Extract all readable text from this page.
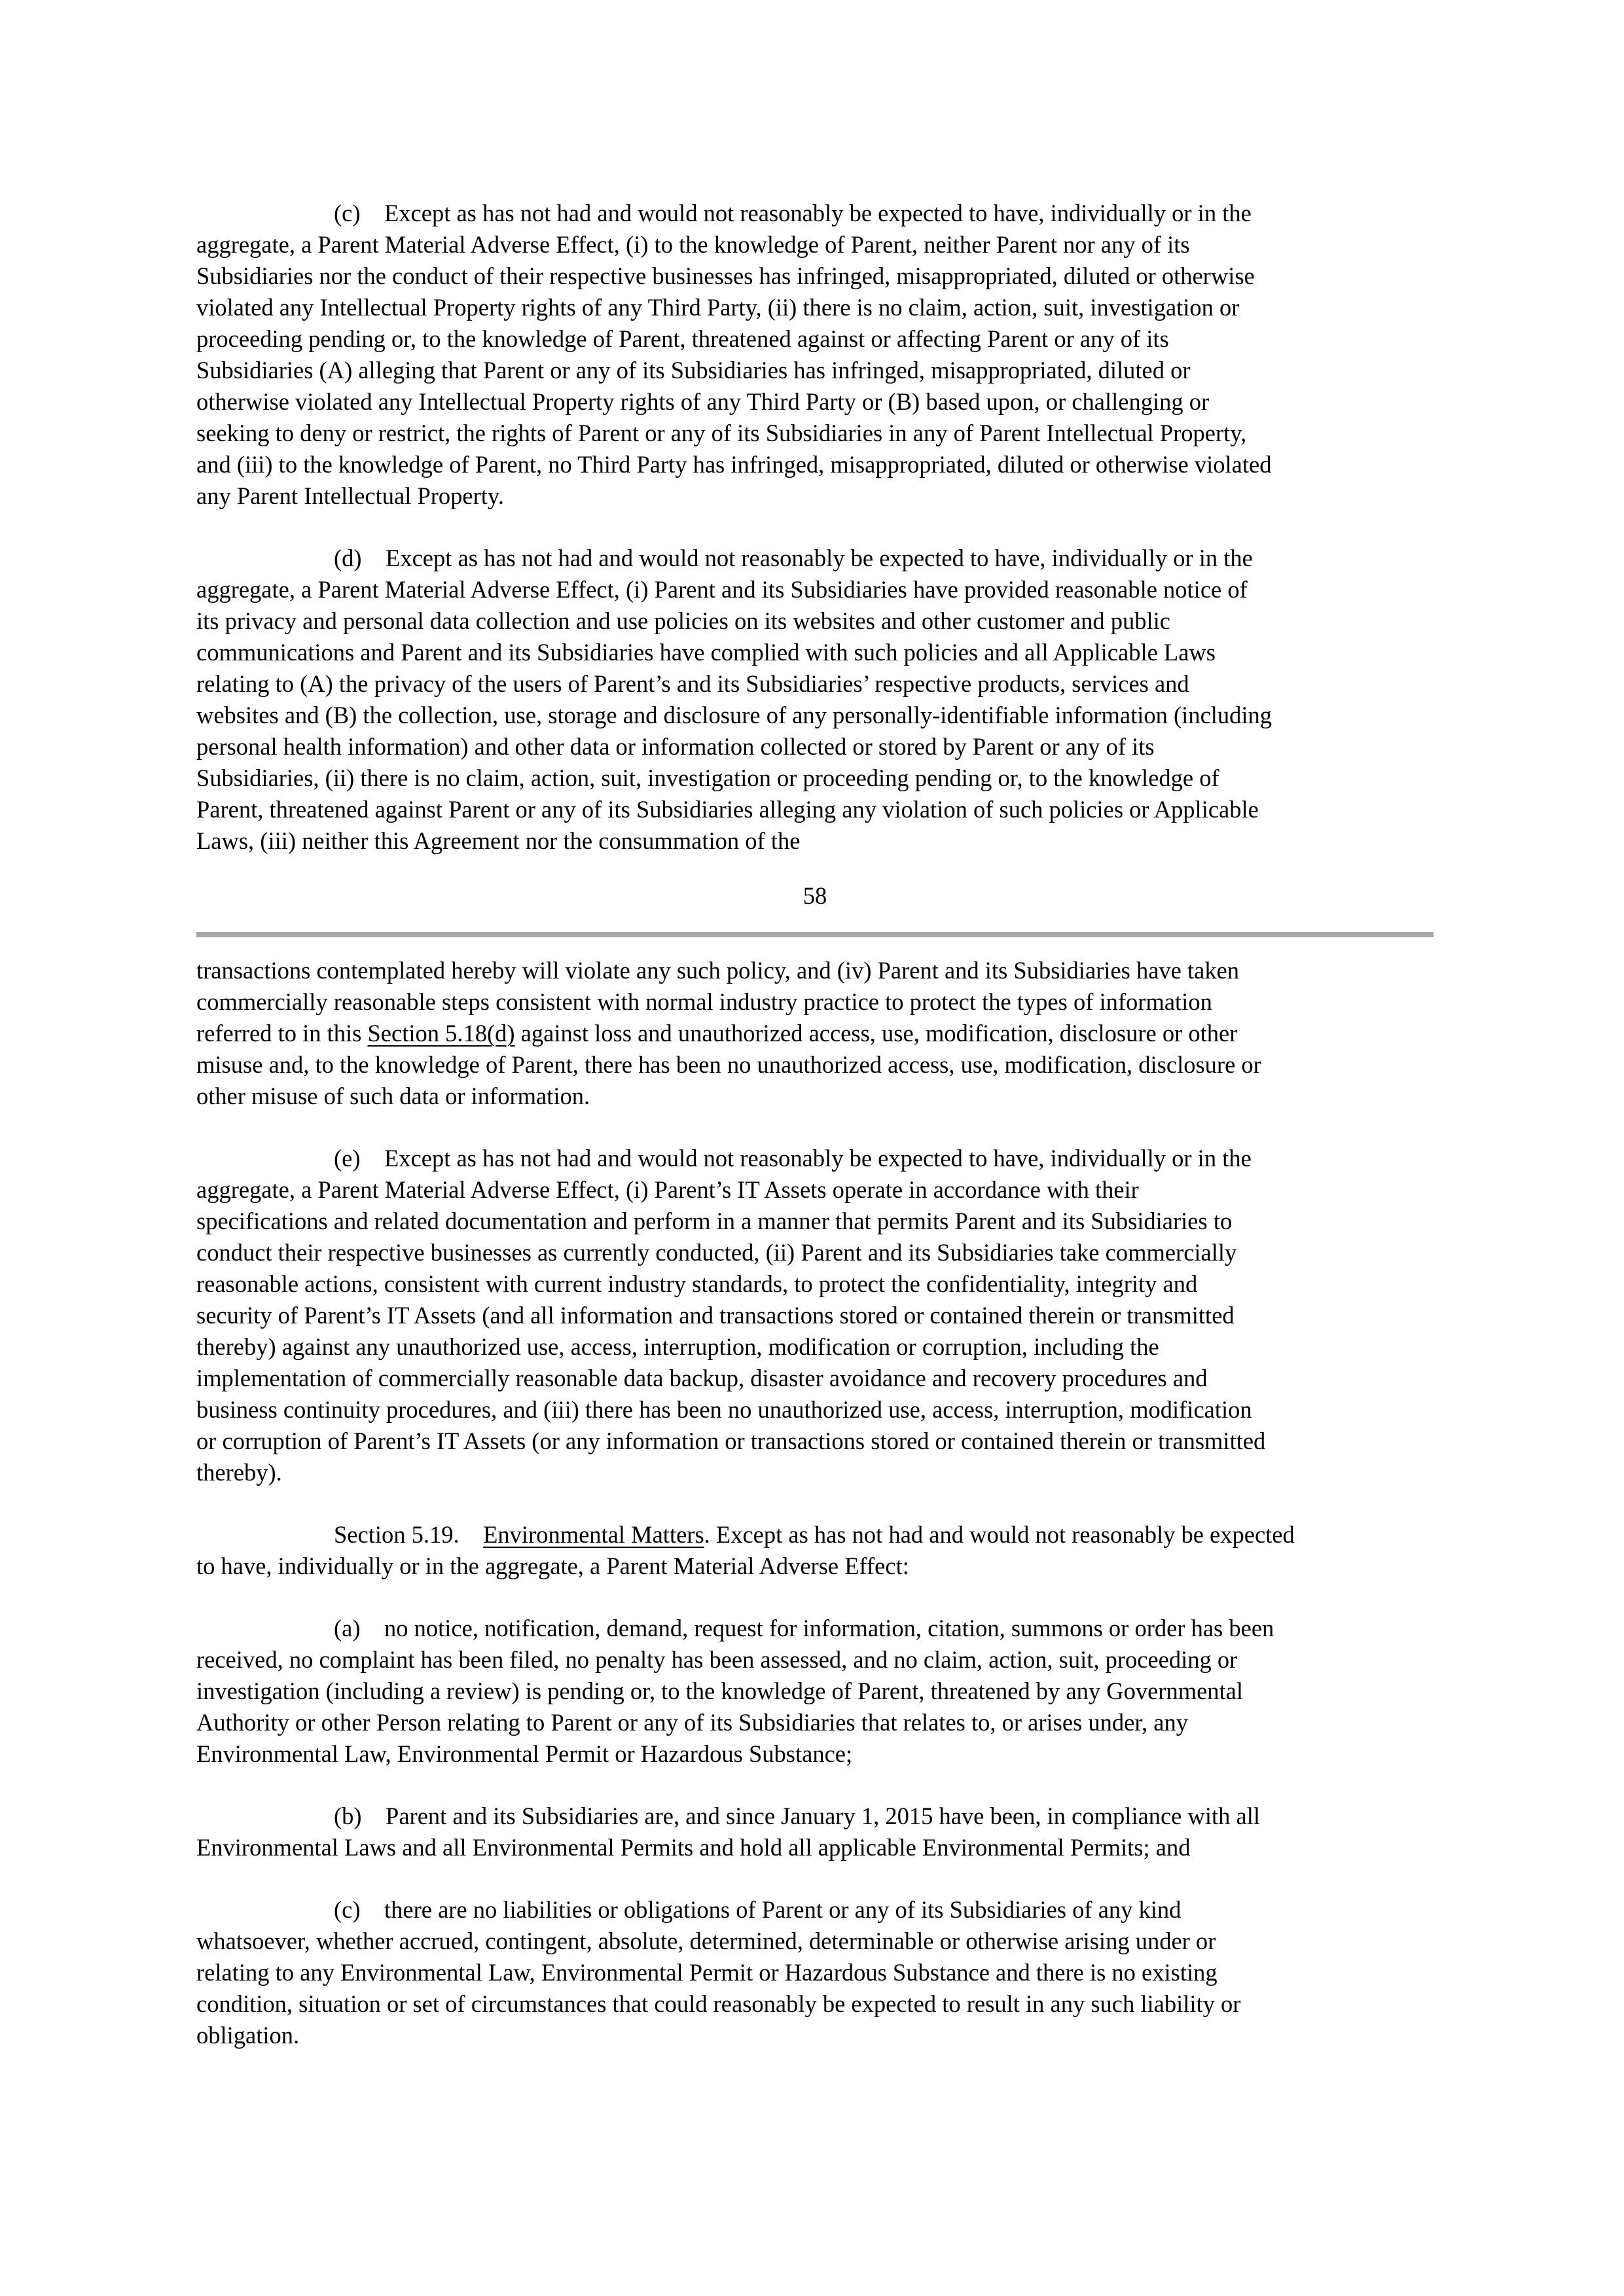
(c) Except as has not had and would not reasonably be expected to have, individually or in the
aggregate, a Parent Material Adverse Effect, (i) to the knowledge of Parent, neither Parent nor any of its
Subsidiaries nor the conduct of their respective businesses has infringed, misappropriated, diluted or otherwise
violated any Intellectual Property rights of any Third Party, (ii) there is no claim, action, suit, investigation or
proceeding pending or, to the knowledge of Parent, threatened against or affecting Parent or any of its
Subsidiaries (A) alleging that Parent or any of its Subsidiaries has infringed, misappropriated, diluted or
otherwise violated any Intellectual Property rights of any Third Party or (B) based upon, or challenging or
seeking to deny or restrict, the rights of Parent or any of its Subsidiaries in any of Parent Intellectual Property,
and (iii) to the knowledge of Parent, no Third Party has infringed, misappropriated, diluted or otherwise violated
any Parent Intellectual Property.
(d) Except as has not had and would not reasonably be expected to have, individually or in the
aggregate, a Parent Material Adverse Effect, (i) Parent and its Subsidiaries have provided reasonable notice of
its privacy and personal data collection and use policies on its websites and other customer and public
communications and Parent and its Subsidiaries have complied with such policies and all Applicable Laws
relating to (A) the privacy of the users of Parent’s and its Subsidiaries’ respective products, services and
websites and (B) the collection, use, storage and disclosure of any personally-identifiable information (including
personal health information) and other data or information collected or stored by Parent or any of its
Subsidiaries, (ii) there is no claim, action, suit, investigation or proceeding pending or, to the knowledge of
Parent, threatened against Parent or any of its Subsidiaries alleging any violation of such policies or Applicable
Laws, (iii) neither this Agreement nor the consummation of the
58
transactions contemplated hereby will violate any such policy, and (iv) Parent and its Subsidiaries have taken
commercially reasonable steps consistent with normal industry practice to protect the types of information
referred to in this Section 5.18(d) against loss and unauthorized access, use, modification, disclosure or other
misuse and, to the knowledge of Parent, there has been no unauthorized access, use, modification, disclosure or
other misuse of such data or information.
(e) Except as has not had and would not reasonably be expected to have, individually or in the
aggregate, a Parent Material Adverse Effect, (i) Parent’s IT Assets operate in accordance with their
specifications and related documentation and perform in a manner that permits Parent and its Subsidiaries to
conduct their respective businesses as currently conducted, (ii) Parent and its Subsidiaries take commercially
reasonable actions, consistent with current industry standards, to protect the confidentiality, integrity and
security of Parent’s IT Assets (and all information and transactions stored or contained therein or transmitted
thereby) against any unauthorized use, access, interruption, modification or corruption, including the
implementation of commercially reasonable data backup, disaster avoidance and recovery procedures and
business continuity procedures, and (iii) there has been no unauthorized use, access, interruption, modification
or corruption of Parent’s IT Assets (or any information or transactions stored or contained therein or transmitted
thereby).
Section 5.19. Environmental Matters. Except as has not had and would not reasonably be expected
to have, individually or in the aggregate, a Parent Material Adverse Effect:
(a) no notice, notification, demand, request for information, citation, summons or order has been
received, no complaint has been filed, no penalty has been assessed, and no claim, action, suit, proceeding or
investigation (including a review) is pending or, to the knowledge of Parent, threatened by any Governmental
Authority or other Person relating to Parent or any of its Subsidiaries that relates to, or arises under, any
Environmental Law, Environmental Permit or Hazardous Substance;
(b) Parent and its Subsidiaries are, and since January 1, 2015 have been, in compliance with all
Environmental Laws and all Environmental Permits and hold all applicable Environmental Permits; and
(c) there are no liabilities or obligations of Parent or any of its Subsidiaries of any kind
whatsoever, whether accrued, contingent, absolute, determined, determinable or otherwise arising under or
relating to any Environmental Law, Environmental Permit or Hazardous Substance and there is no existing
condition, situation or set of circumstances that could reasonably be expected to result in any such liability or
obligation.
